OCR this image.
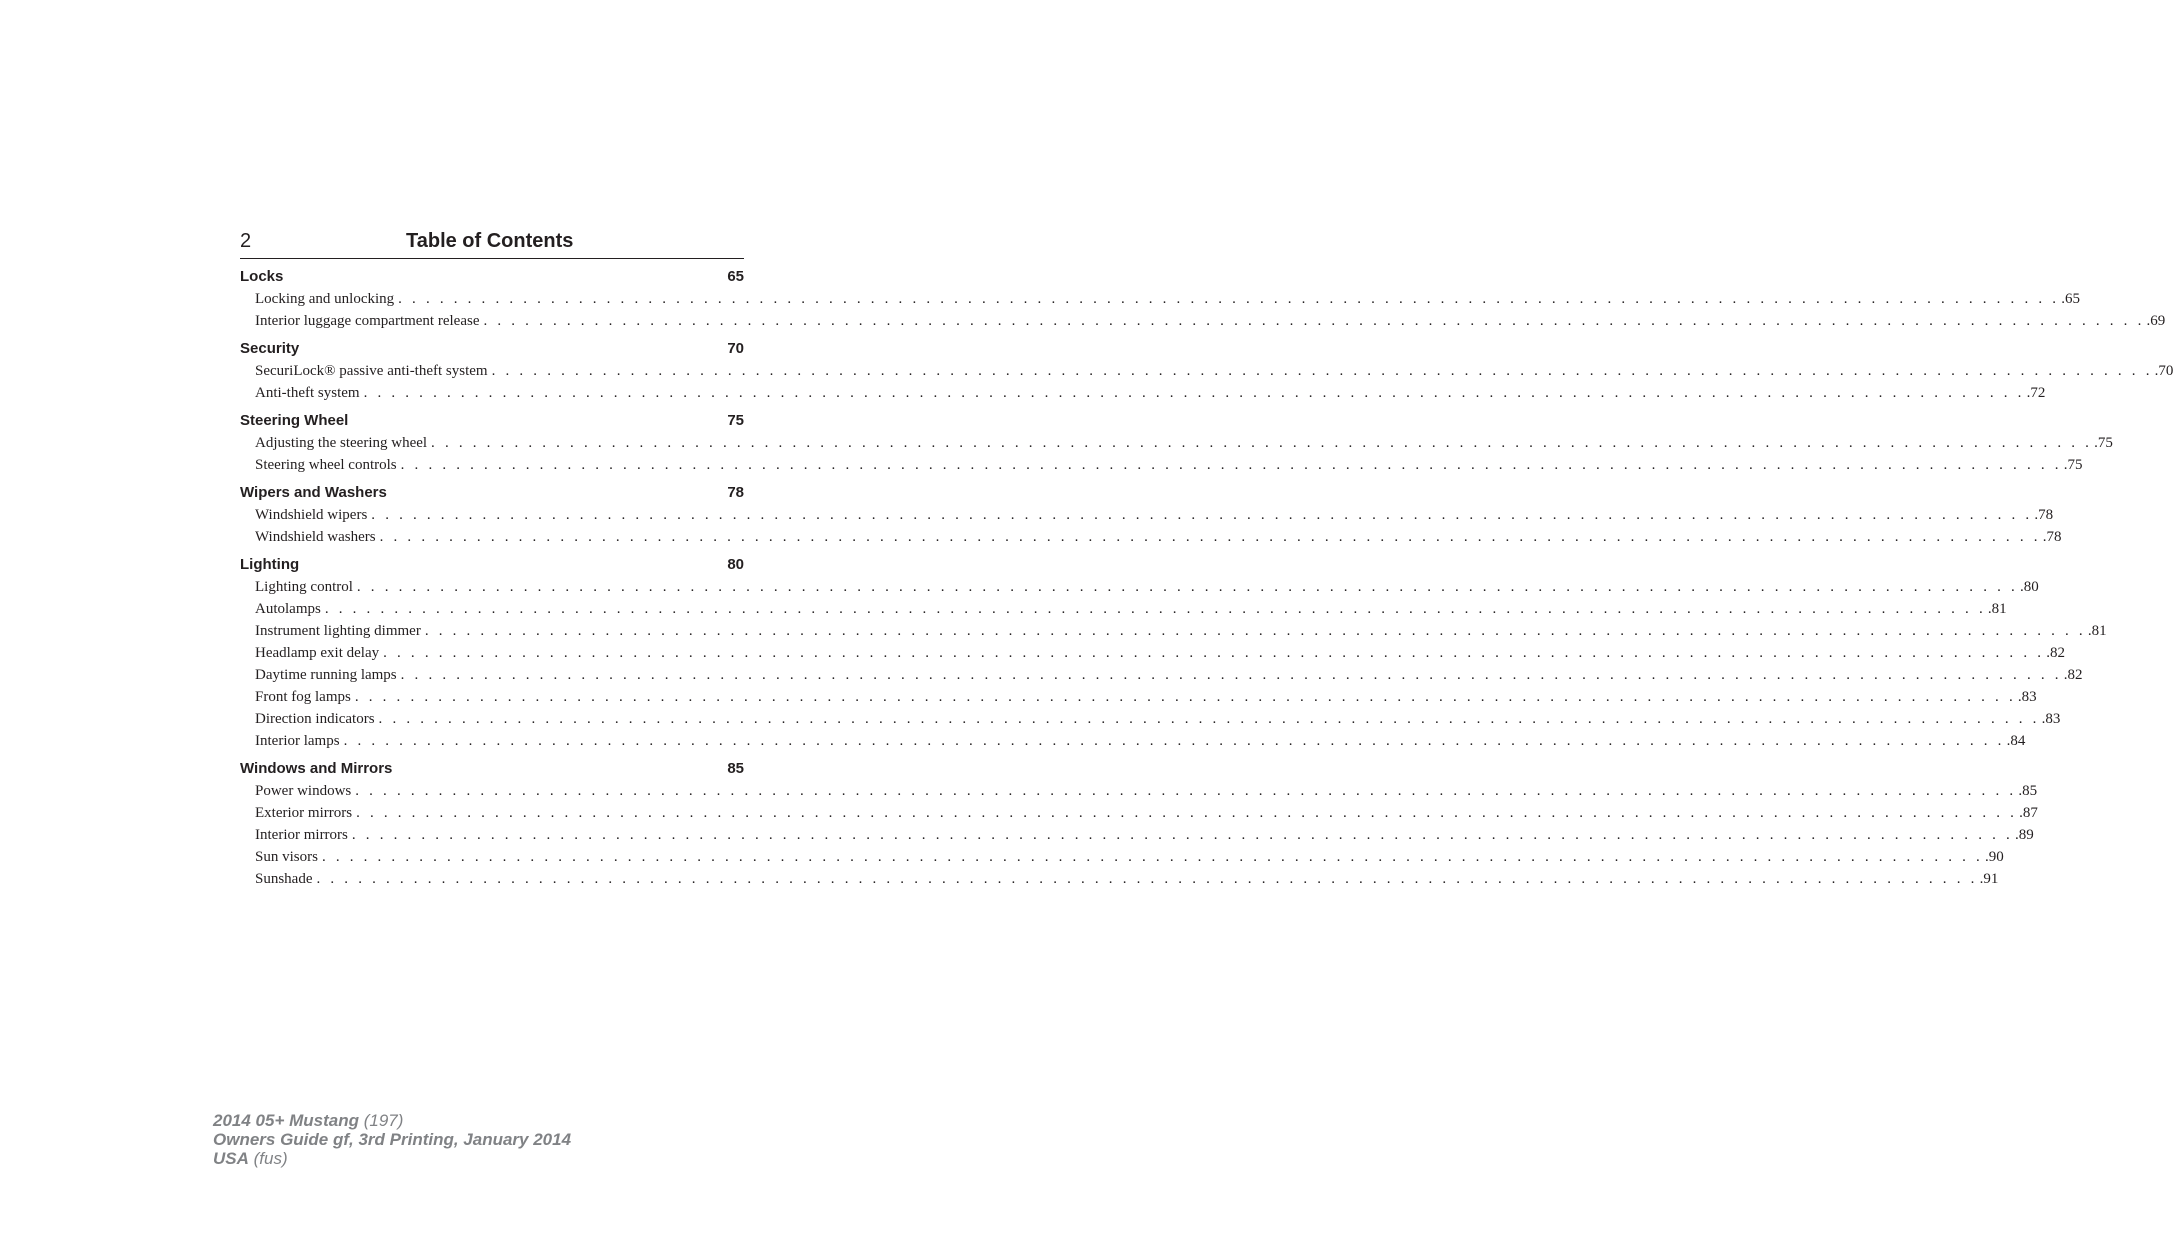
2	Table of Contents
Locks	65
Locking and unlocking . . . . . . . . . . . . . . . . . . . . . . . . . . . . . . . . . . . . . . . . . . . . . . . . . . . . . . . . . . . . . . . . . . . . . . . . . . . . . . . . . . . . . . . . . . . . . . . . . . . . . . . . . . . . . . . . . . . . . . . . .65
Interior luggage compartment release . . . . . . . . . . . . . . . . . . . . . . . . . . . . . . . . . . . . . . . . . . . . . . . . . . . . . . . . . . . . . . . . . . . . . . . . . . . . . . . . . . . . . . . . . . . . . . . . . . . . . . . . . . . . . . . . . . . . . . . . .69
Security	70
SecuriLock® passive anti-theft system . . . . . . . . . . . . . . . . . . . . . . . . . . . . . . . . . . . . . . . . . . . . . . . . . . . . . . . . . . . . . . . . . . . . . . . . . . . . . . . . . . . . . . . . . . . . . . . . . . . . . . . . . . . . . . . . . . . . . . . . .70
Anti-theft system . . . . . . . . . . . . . . . . . . . . . . . . . . . . . . . . . . . . . . . . . . . . . . . . . . . . . . . . . . . . . . . . . . . . . . . . . . . . . . . . . . . . . . . . . . . . . . . . . . . . . . . . . . . . . . . . . . . . . . . . .72
Steering Wheel	75
Adjusting the steering wheel . . . . . . . . . . . . . . . . . . . . . . . . . . . . . . . . . . . . . . . . . . . . . . . . . . . . . . . . . . . . . . . . . . . . . . . . . . . . . . . . . . . . . . . . . . . . . . . . . . . . . . . . . . . . . . . . . . . . . . . . .75
Steering wheel controls . . . . . . . . . . . . . . . . . . . . . . . . . . . . . . . . . . . . . . . . . . . . . . . . . . . . . . . . . . . . . . . . . . . . . . . . . . . . . . . . . . . . . . . . . . . . . . . . . . . . . . . . . . . . . . . . . . . . . . . . .75
Wipers and Washers	78
Windshield wipers . . . . . . . . . . . . . . . . . . . . . . . . . . . . . . . . . . . . . . . . . . . . . . . . . . . . . . . . . . . . . . . . . . . . . . . . . . . . . . . . . . . . . . . . . . . . . . . . . . . . . . . . . . . . . . . . . . . . . . . . .78
Windshield washers . . . . . . . . . . . . . . . . . . . . . . . . . . . . . . . . . . . . . . . . . . . . . . . . . . . . . . . . . . . . . . . . . . . . . . . . . . . . . . . . . . . . . . . . . . . . . . . . . . . . . . . . . . . . . . . . . . . . . . . . .78
Lighting	80
Lighting control . . . . . . . . . . . . . . . . . . . . . . . . . . . . . . . . . . . . . . . . . . . . . . . . . . . . . . . . . . . . . . . . . . . . . . . . . . . . . . . . . . . . . . . . . . . . . . . . . . . . . . . . . . . . . . . . . . . . . . . . .80
Autolamps . . . . . . . . . . . . . . . . . . . . . . . . . . . . . . . . . . . . . . . . . . . . . . . . . . . . . . . . . . . . . . . . . . . . . . . . . . . . . . . . . . . . . . . . . . . . . . . . . . . . . . . . . . . . . . . . . . . . . . . . .81
Instrument lighting dimmer . . . . . . . . . . . . . . . . . . . . . . . . . . . . . . . . . . . . . . . . . . . . . . . . . . . . . . . . . . . . . . . . . . . . . . . . . . . . . . . . . . . . . . . . . . . . . . . . . . . . . . . . . . . . . . . . . . . . . . . . .81
Headlamp exit delay . . . . . . . . . . . . . . . . . . . . . . . . . . . . . . . . . . . . . . . . . . . . . . . . . . . . . . . . . . . . . . . . . . . . . . . . . . . . . . . . . . . . . . . . . . . . . . . . . . . . . . . . . . . . . . . . . . . . . . . . .82
Daytime running lamps . . . . . . . . . . . . . . . . . . . . . . . . . . . . . . . . . . . . . . . . . . . . . . . . . . . . . . . . . . . . . . . . . . . . . . . . . . . . . . . . . . . . . . . . . . . . . . . . . . . . . . . . . . . . . . . . . . . . . . . . .82
Front fog lamps . . . . . . . . . . . . . . . . . . . . . . . . . . . . . . . . . . . . . . . . . . . . . . . . . . . . . . . . . . . . . . . . . . . . . . . . . . . . . . . . . . . . . . . . . . . . . . . . . . . . . . . . . . . . . . . . . . . . . . . . .83
Direction indicators . . . . . . . . . . . . . . . . . . . . . . . . . . . . . . . . . . . . . . . . . . . . . . . . . . . . . . . . . . . . . . . . . . . . . . . . . . . . . . . . . . . . . . . . . . . . . . . . . . . . . . . . . . . . . . . . . . . . . . . . .83
Interior lamps . . . . . . . . . . . . . . . . . . . . . . . . . . . . . . . . . . . . . . . . . . . . . . . . . . . . . . . . . . . . . . . . . . . . . . . . . . . . . . . . . . . . . . . . . . . . . . . . . . . . . . . . . . . . . . . . . . . . . . . . .84
Windows and Mirrors	85
Power windows . . . . . . . . . . . . . . . . . . . . . . . . . . . . . . . . . . . . . . . . . . . . . . . . . . . . . . . . . . . . . . . . . . . . . . . . . . . . . . . . . . . . . . . . . . . . . . . . . . . . . . . . . . . . . . . . . . . . . . . . .85
Exterior mirrors . . . . . . . . . . . . . . . . . . . . . . . . . . . . . . . . . . . . . . . . . . . . . . . . . . . . . . . . . . . . . . . . . . . . . . . . . . . . . . . . . . . . . . . . . . . . . . . . . . . . . . . . . . . . . . . . . . . . . . . . .87
Interior mirrors . . . . . . . . . . . . . . . . . . . . . . . . . . . . . . . . . . . . . . . . . . . . . . . . . . . . . . . . . . . . . . . . . . . . . . . . . . . . . . . . . . . . . . . . . . . . . . . . . . . . . . . . . . . . . . . . . . . . . . . . .89
Sun visors . . . . . . . . . . . . . . . . . . . . . . . . . . . . . . . . . . . . . . . . . . . . . . . . . . . . . . . . . . . . . . . . . . . . . . . . . . . . . . . . . . . . . . . . . . . . . . . . . . . . . . . . . . . . . . . . . . . . . . . . .90
Sunshade . . . . . . . . . . . . . . . . . . . . . . . . . . . . . . . . . . . . . . . . . . . . . . . . . . . . . . . . . . . . . . . . . . . . . . . . . . . . . . . . . . . . . . . . . . . . . . . . . . . . . . . . . . . . . . . . . . . . . . . . .91
2014 05+ Mustang (197)
Owners Guide gf, 3rd Printing, January 2014
USA (fus)
